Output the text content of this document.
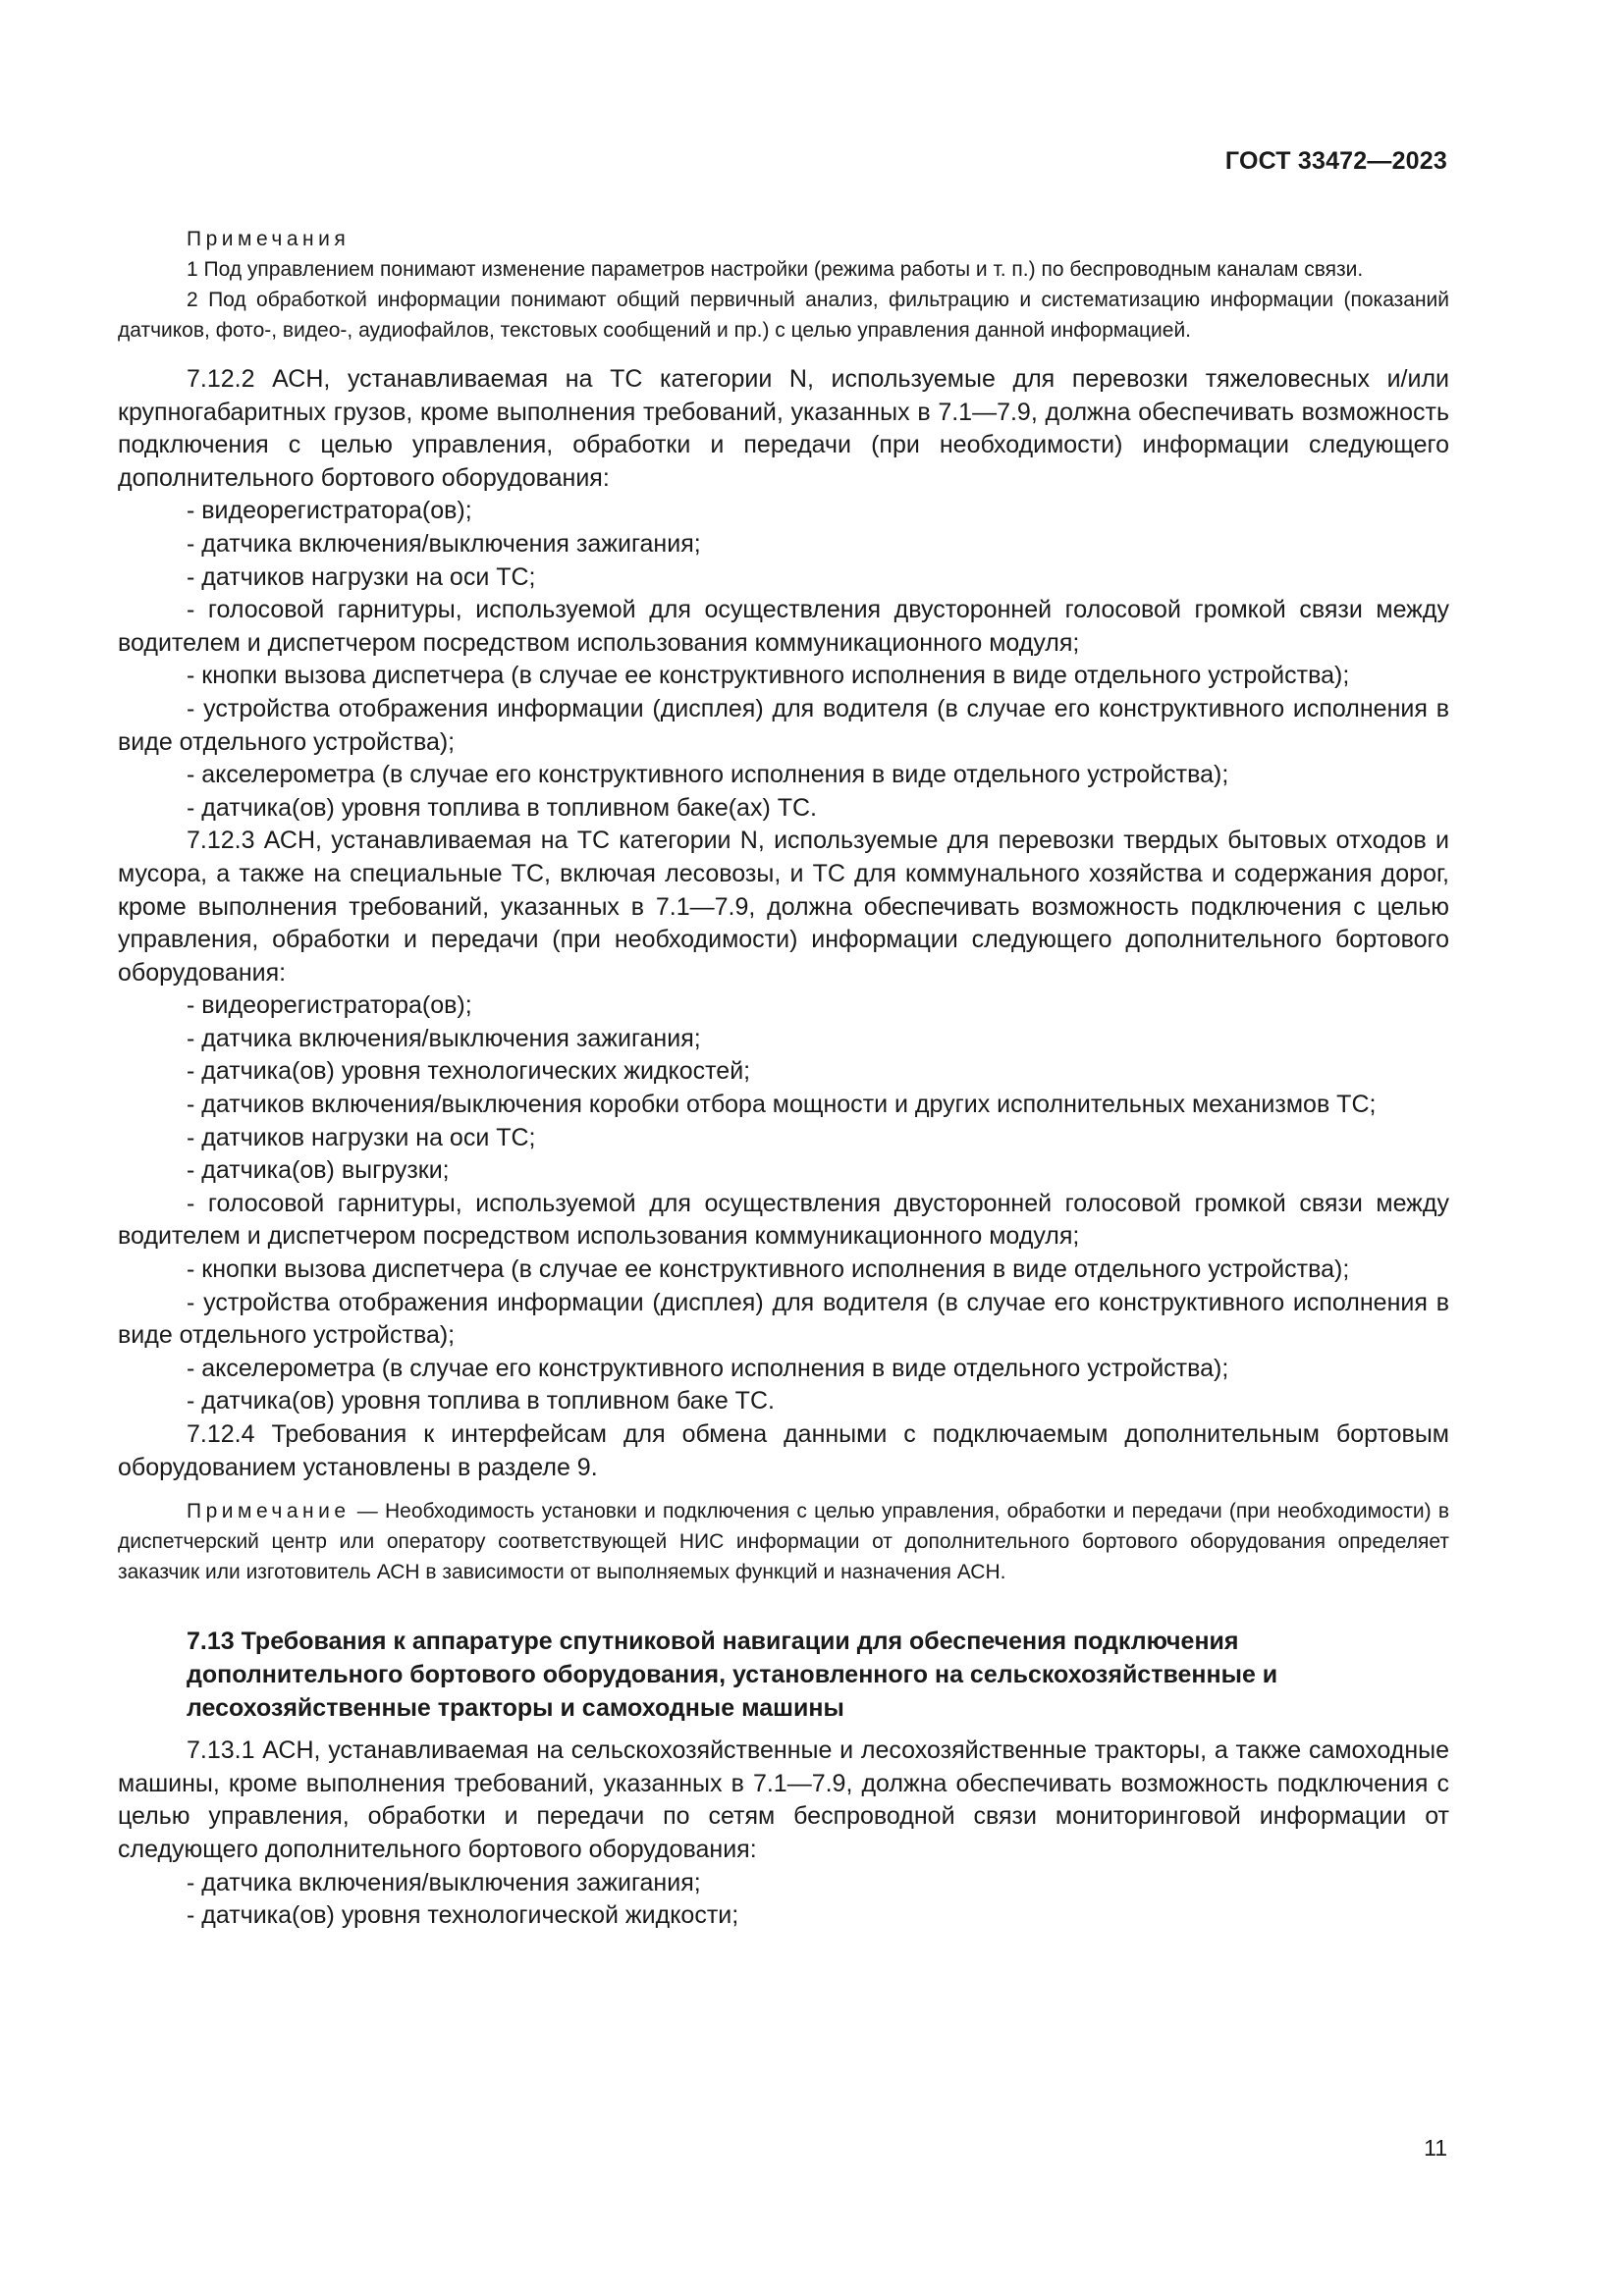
ГОСТ 33472—2023

Примечания

1 Под управлением понимают изменение параметров настройки (режима работы и т. п.) по беспроводным каналам связи.

2 Под обработкой информации понимают общий первичный анализ, фильтрацию и систематизацию информации (показаний датчиков, фото-, видео-, аудиофайлов, текстовых сообщений и пр.) с целью управления данной информацией.

7.12.2 АСН, устанавливаемая на ТС категории N, используемые для перевозки тяжеловесных и/или крупногабаритных грузов, кроме выполнения требований, указанных в 7.1—7.9, должна обеспечивать возможность подключения с целью управления, обработки и передачи (при необходимости) информации следующего дополнительного бортового оборудования:

- видеорегистратора(ов);

- датчика включения/выключения зажигания;

- датчиков нагрузки на оси ТС;

- голосовой гарнитуры, используемой для осуществления двусторонней голосовой громкой связи между водителем и диспетчером посредством использования коммуникационного модуля;

- кнопки вызова диспетчера (в случае ее конструктивного исполнения в виде отдельного устройства);

- устройства отображения информации (дисплея) для водителя (в случае его конструктивного исполнения в виде отдельного устройства);

- акселерометра (в случае его конструктивного исполнения в виде отдельного устройства);

- датчика(ов) уровня топлива в топливном баке(ах) ТС.

7.12.3 АСН, устанавливаемая на ТС категории N, используемые для перевозки твердых бытовых отходов и мусора, а также на специальные ТС, включая лесовозы, и ТС для коммунального хозяйства и содержания дорог, кроме выполнения требований, указанных в 7.1—7.9, должна обеспечивать возможность подключения с целью управления, обработки и передачи (при необходимости) информации следующего дополнительного бортового оборудования:

- видеорегистратора(ов);

- датчика включения/выключения зажигания;

- датчика(ов) уровня технологических жидкостей;

- датчиков включения/выключения коробки отбора мощности и других исполнительных механизмов ТС;

- датчиков нагрузки на оси ТС;

- датчика(ов) выгрузки;

- голосовой гарнитуры, используемой для осуществления двусторонней голосовой громкой связи между водителем и диспетчером посредством использования коммуникационного модуля;

- кнопки вызова диспетчера (в случае ее конструктивного исполнения в виде отдельного устройства);

- устройства отображения информации (дисплея) для водителя (в случае его конструктивного исполнения в виде отдельного устройства);

- акселерометра (в случае его конструктивного исполнения в виде отдельного устройства);

- датчика(ов) уровня топлива в топливном баке ТС.

7.12.4 Требования к интерфейсам для обмена данными с подключаемым дополнительным бортовым оборудованием установлены в разделе 9.

Примечание — Необходимость установки и подключения с целью управления, обработки и передачи (при необходимости) в диспетчерский центр или оператору соответствующей НИС информации от дополнительного бортового оборудования определяет заказчик или изготовитель АСН в зависимости от выполняемых функций и назначения АСН.

7.13 Требования к аппаратуре спутниковой навигации для обеспечения подключения дополнительного бортового оборудования, установленного на сельскохозяйственные и лесохозяйственные тракторы и самоходные машины

7.13.1 АСН, устанавливаемая на сельскохозяйственные и лесохозяйственные тракторы, а также самоходные машины, кроме выполнения требований, указанных в 7.1—7.9, должна обеспечивать возможность подключения с целью управления, обработки и передачи по сетям беспроводной связи мониторинговой информации от следующего дополнительного бортового оборудования:

- датчика включения/выключения зажигания;

- датчика(ов) уровня технологической жидкости;

11
